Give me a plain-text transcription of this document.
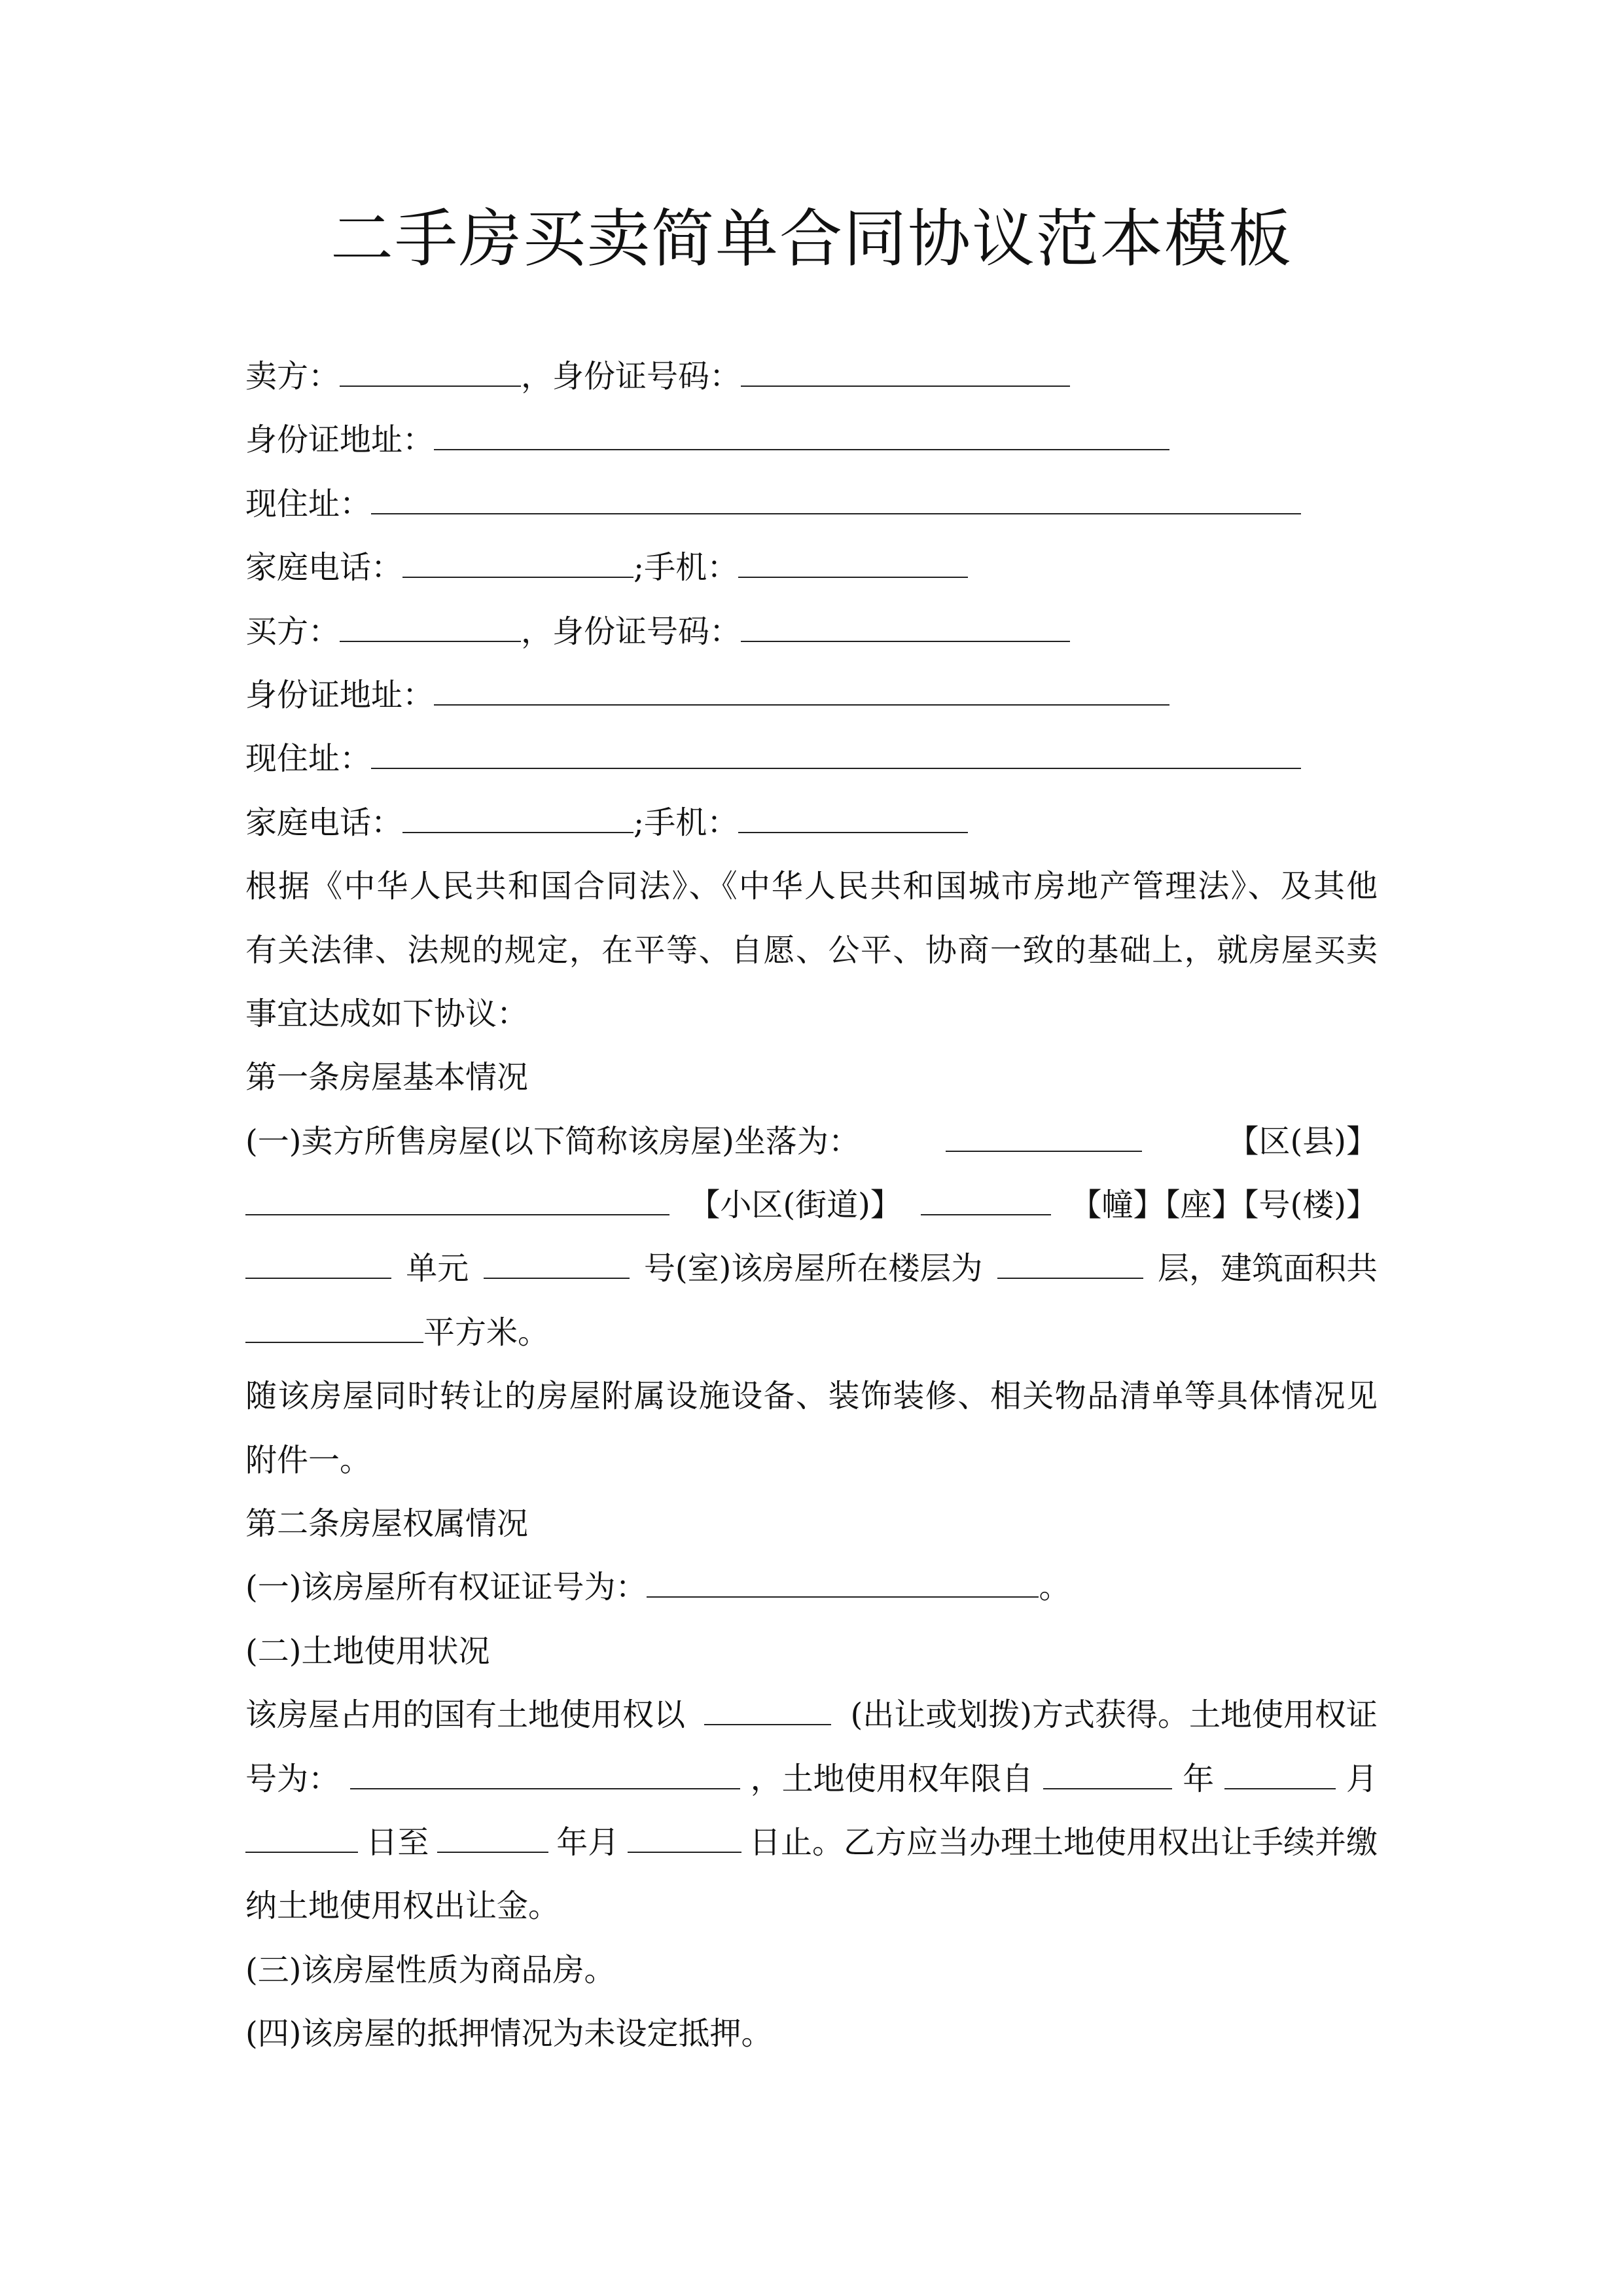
二手房买卖简单合同协议范本模板
卖方：	，身份证号码：
身份证地址：
现住址：
家庭电话：	;手机：
买方：	，身份证号码：
身份证地址：
现住址：
家庭电话：	;手机：
根据《中华人民共和国合同法》、《中华人民共和国城市房地产管理法》、及其他
有关法律、法规的规定，在平等、自愿、公平、协商一致的基础上，就房屋买卖
事宜达成如下协议：
第一条房屋基本情况
(一)卖方所售房屋(以下简称该房屋)坐落为：	【区(县)】
【小区(街道)】	【幢】【座】【号(楼)】
单元	号(室)该房屋所在楼层为	层，建筑面积共
平方米。
随该房屋同时转让的房屋附属设施设备、装饰装修、相关物品清单等具体情况见
附件一。
第二条房屋权属情况
(一)该房屋所有权证证号为：	。
(二)土地使用状况
该房屋占用的国有土地使用权以	(出让或划拨)方式获得。土地使用权证
号为：	，土地使用权年限自	年	月
日至	年月	日止。乙方应当办理土地使用权出让手续并缴
纳土地使用权出让金。
(三)该房屋性质为商品房。
(四)该房屋的抵押情况为未设定抵押。
